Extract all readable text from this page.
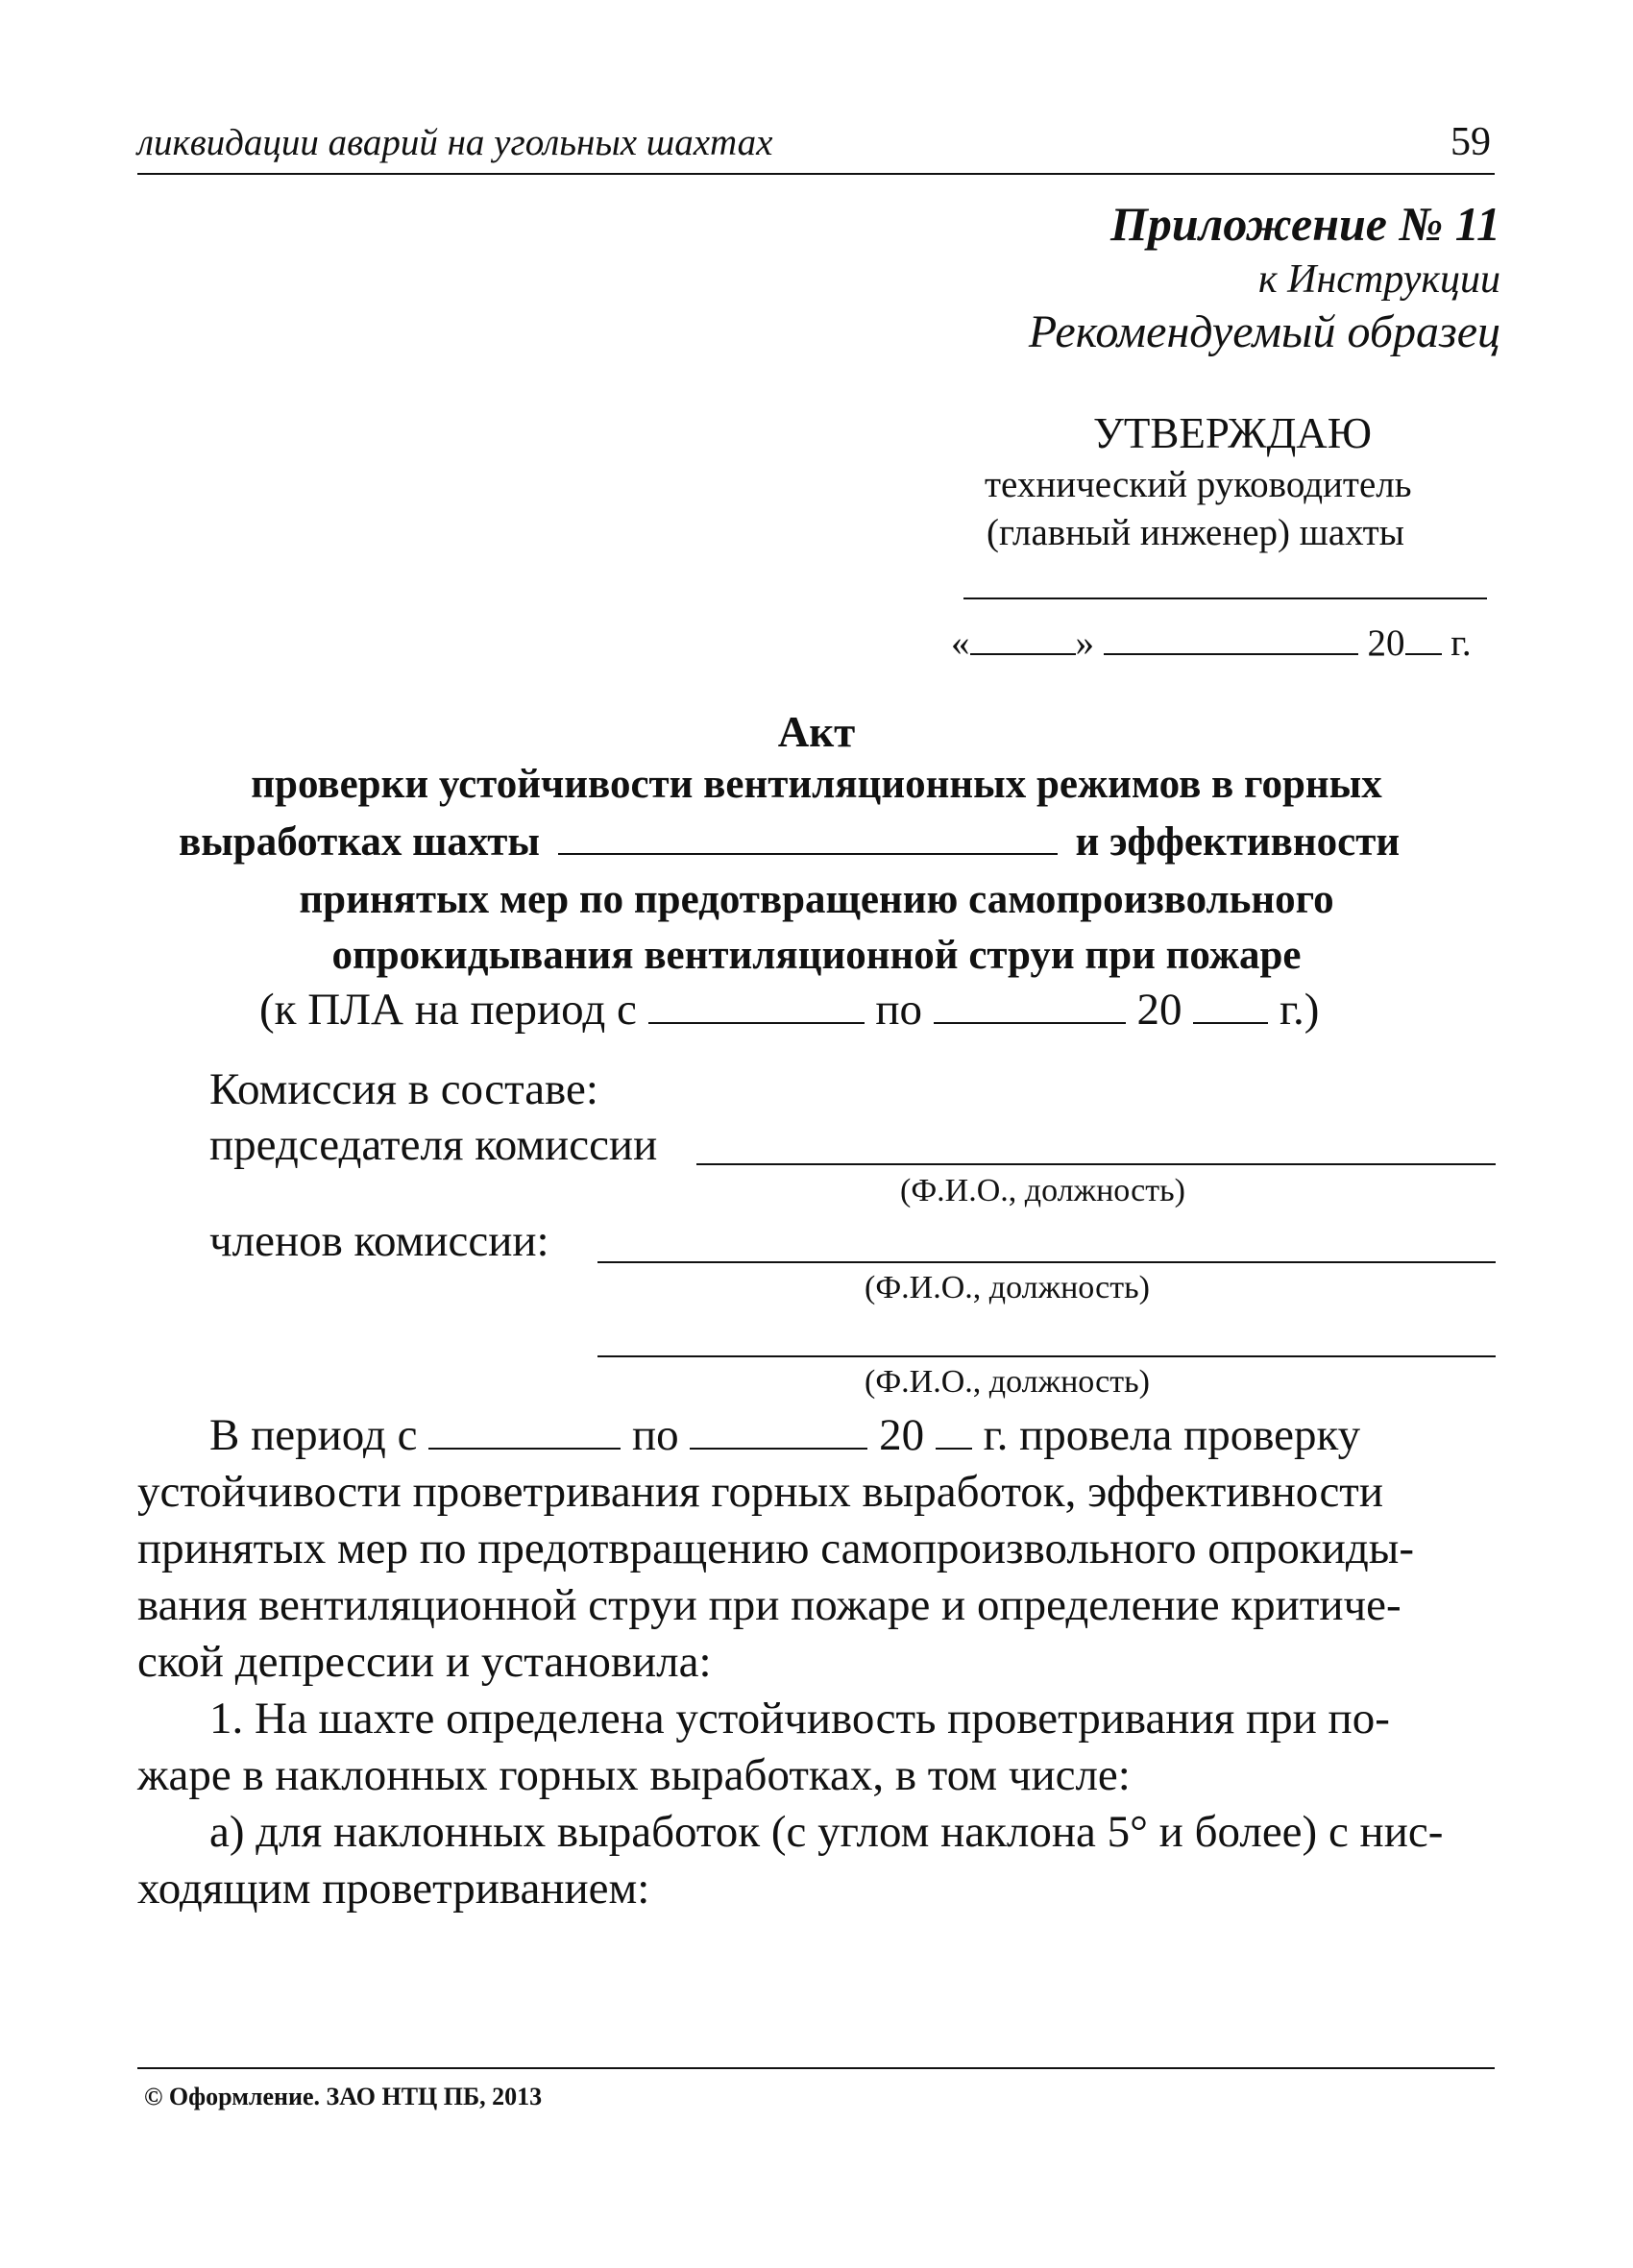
ликвидации аварий на угольных шахтах	59
Приложение № 11
к Инструкции
Рекомендуемый образец
УТВЕРЖДАЮ
технический руководитель
(главный инженер) шахты
«	»	20 г.
Акт
проверки устойчивости вентиляционных режимов в горных
выработках шахты	и эффективности
принятых мер по предотвращению самопроизвольного
опрокидывания вентиляционной струи при пожаре
(к ПЛА на период с	по	20 г.)
Комиссия в составе:
председателя комиссии
(Ф.И.О., должность)
членов комиссии:
(Ф.И.О., должность)
(Ф.И.О., должность)
В период с	по	20 г. провела проверку
устойчивости проветривания горных выработок, эффективности
принятых мер по предотвращению самопроизвольного опрокиды-
вания вентиляционной струи при пожаре и определение критиче-
ской депрессии и установила:
1. На шахте определена устойчивость проветривания при по-
жаре в наклонных горных выработках, в том числе:
а) для наклонных выработок (с углом наклона 5° и более) с нис-
ходящим проветриванием:
© Оформление. ЗАО НТЦ ПБ, 2013
